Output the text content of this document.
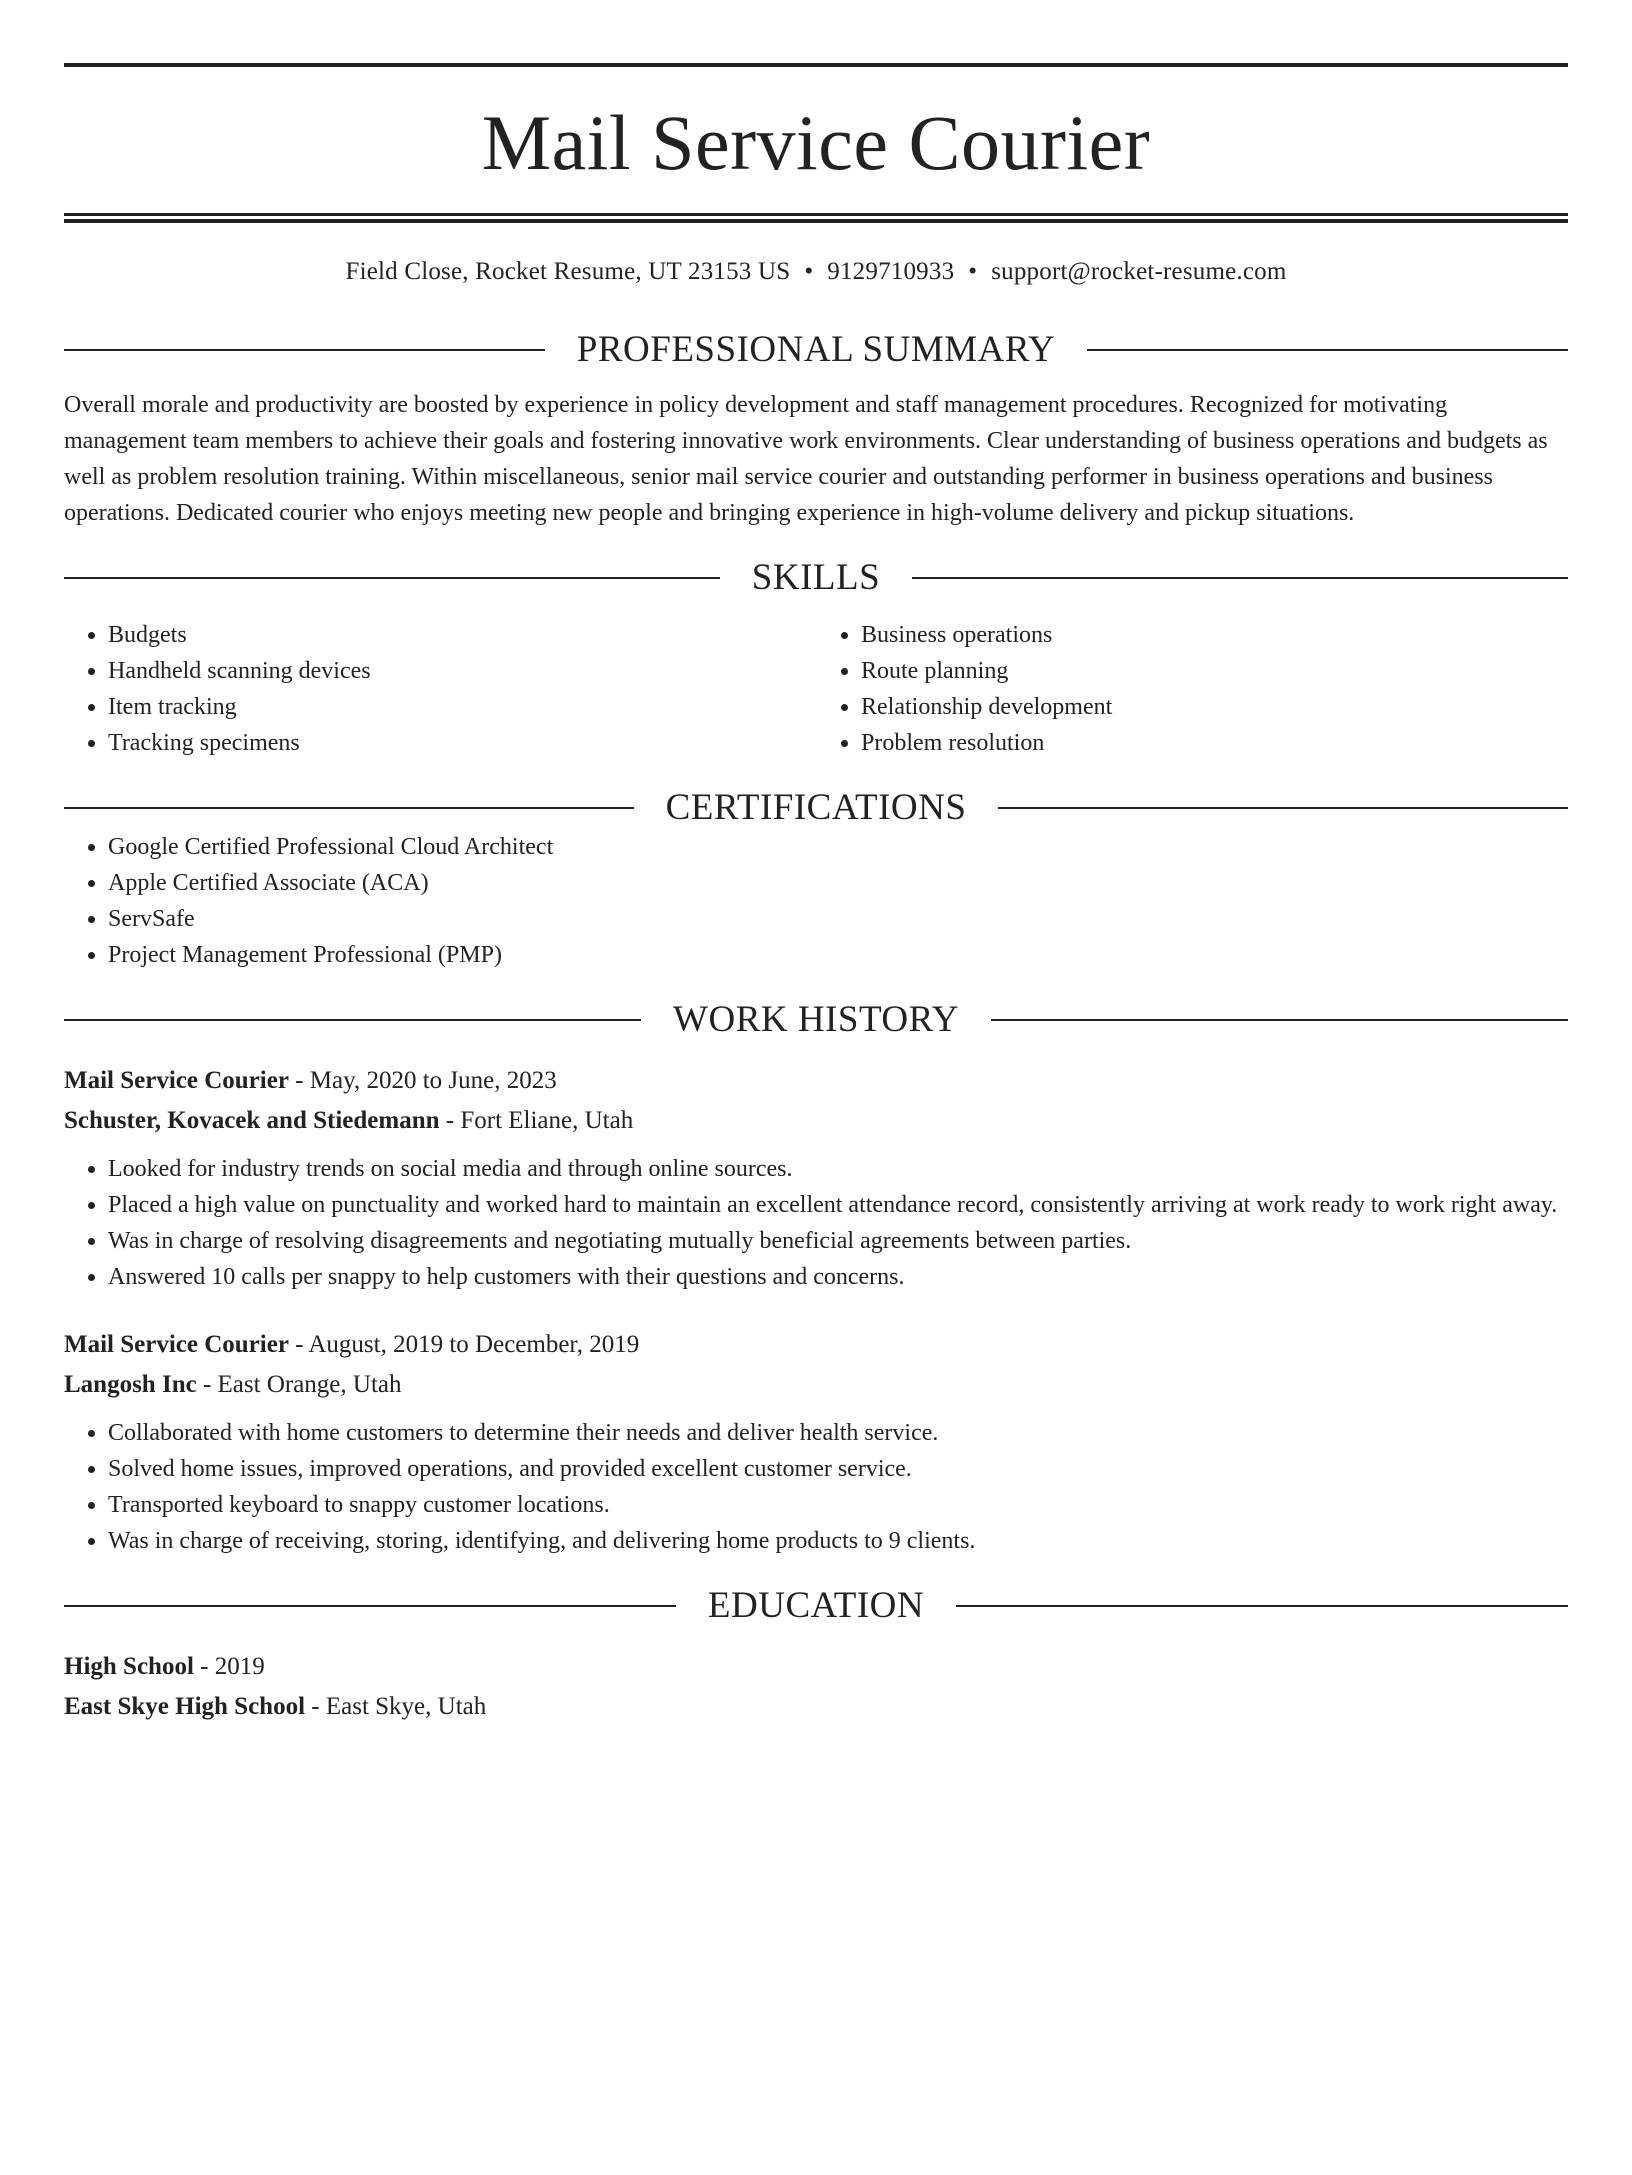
Mail Service Courier
Field Close, Rocket Resume, UT 23153 US • 9129710933 • support@rocket-resume.com
PROFESSIONAL SUMMARY

Overall morale and productivity are boosted by experience in policy development and staff management procedures. Recognized for motivating management team members to achieve their goals and fostering innovative work environments. Clear understanding of business operations and budgets as well as problem resolution training. Within miscellaneous, senior mail service courier and outstanding performer in business operations and business operations. Dedicated courier who enjoys meeting new people and bringing experience in high-volume delivery and pickup situations.

SKILLS
• Budgets
• Handheld scanning devices
• Item tracking
• Tracking specimens
• Business operations
• Route planning
• Relationship development
• Problem resolution
CERTIFICATIONS
• Google Certified Professional Cloud Architect
• Apple Certified Associate (ACA)
• ServSafe
• Project Management Professional (PMP)
WORK HISTORY
Mail Service Courier - May, 2020 to June, 2023
Schuster, Kovacek and Stiedemann - Fort Eliane, Utah
• Looked for industry trends on social media and through online sources.
• Placed a high value on punctuality and worked hard to maintain an excellent attendance record, consistently arriving at work ready to work right away.
• Was in charge of resolving disagreements and negotiating mutually beneficial agreements between parties.
• Answered 10 calls per snappy to help customers with their questions and concerns.
Mail Service Courier - August, 2019 to December, 2019
Langosh Inc - East Orange, Utah
• Collaborated with home customers to determine their needs and deliver health service.
• Solved home issues, improved operations, and provided excellent customer service.
• Transported keyboard to snappy customer locations.
• Was in charge of receiving, storing, identifying, and delivering home products to 9 clients.
EDUCATION
High School - 2019
East Skye High School - East Skye, Utah
